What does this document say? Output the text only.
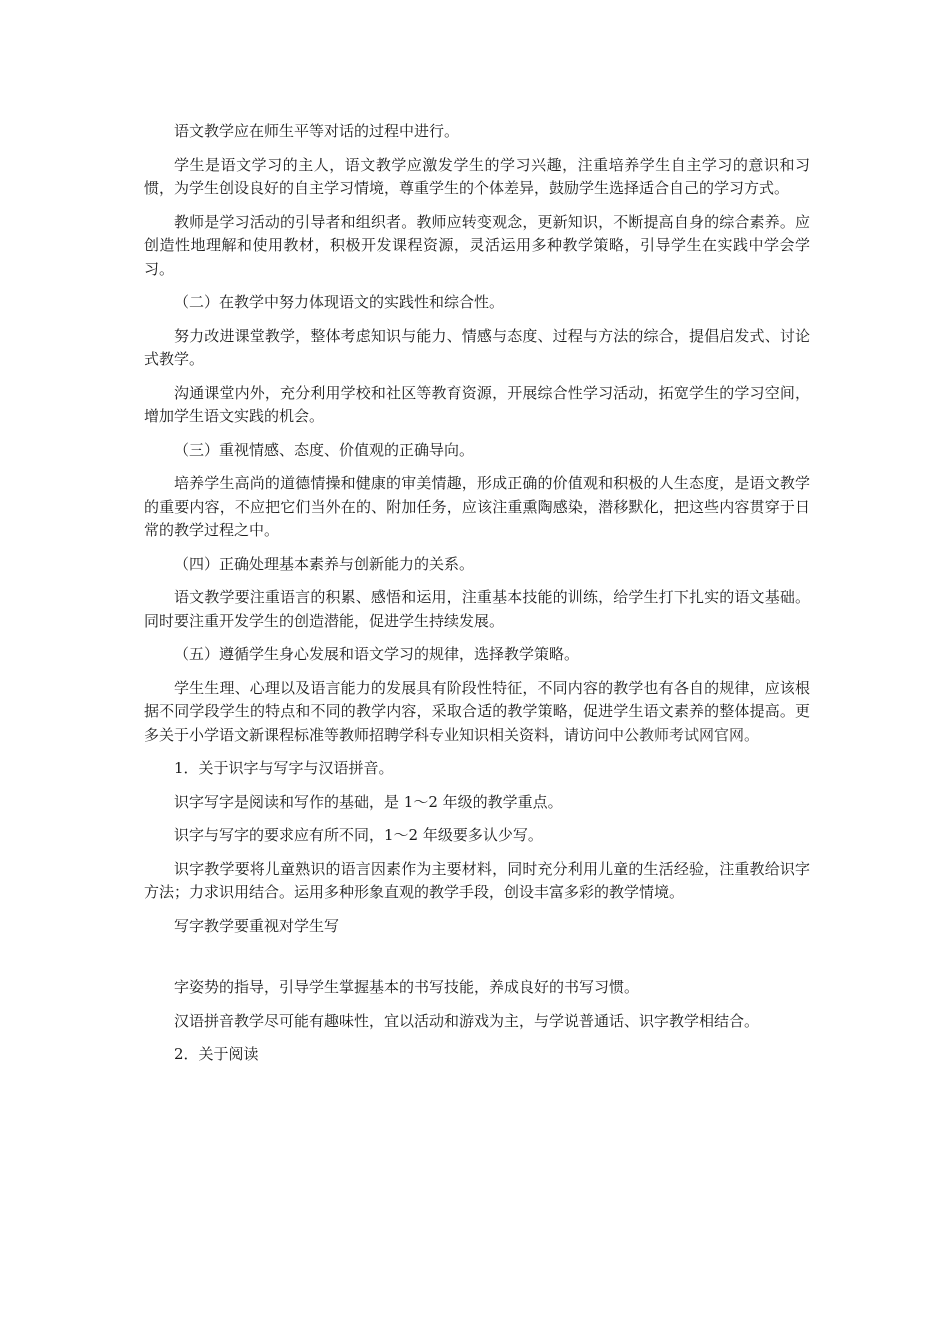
语文教学应在师生平等对话的过程中进行。

学生是语文学习的主人，语文教学应激发学生的学习兴趣，注重培养学生自主学习的意识和习惯，为学生创设良好的自主学习情境，尊重学生的个体差异，鼓励学生选择适合自己的学习方式。

教师是学习活动的引导者和组织者。教师应转变观念，更新知识，不断提高自身的综合素养。应创造性地理解和使用教材，积极开发课程资源，灵活运用多种教学策略，引导学生在实践中学会学习。

（二）在教学中努力体现语文的实践性和综合性。

努力改进课堂教学，整体考虑知识与能力、情感与态度、过程与方法的综合，提倡启发式、讨论式教学。

沟通课堂内外，充分利用学校和社区等教育资源，开展综合性学习活动，拓宽学生的学习空间，增加学生语文实践的机会。

（三）重视情感、态度、价值观的正确导向。

培养学生高尚的道德情操和健康的审美情趣，形成正确的价值观和积极的人生态度，是语文教学的重要内容，不应把它们当外在的、附加任务，应该注重熏陶感染，潜移默化，把这些内容贯穿于日常的教学过程之中。

（四）正确处理基本素养与创新能力的关系。

语文教学要注重语言的积累、感悟和运用，注重基本技能的训练，给学生打下扎实的语文基础。同时要注重开发学生的创造潜能，促进学生持续发展。

（五）遵循学生身心发展和语文学习的规律，选择教学策略。

学生生理、心理以及语言能力的发展具有阶段性特征，不同内容的教学也有各自的规律，应该根据不同学段学生的特点和不同的教学内容，采取合适的教学策略，促进学生语文素养的整体提高。更多关于小学语文新课程标准等教师招聘学科专业知识相关资料，请访问中公教师考试网官网。

1．关于识字与写字与汉语拼音。

识字写字是阅读和写作的基础，是 1～2 年级的教学重点。

识字与写字的要求应有所不同，1～2 年级要多认少写。

识字教学要将儿童熟识的语言因素作为主要材料，同时充分利用儿童的生活经验，注重教给识字方法；力求识用结合。运用多种形象直观的教学手段，创设丰富多彩的教学情境。

写字教学要重视对学生写

字姿势的指导，引导学生掌握基本的书写技能，养成良好的书写习惯。

汉语拼音教学尽可能有趣味性，宜以活动和游戏为主，与学说普通话、识字教学相结合。

2．关于阅读
